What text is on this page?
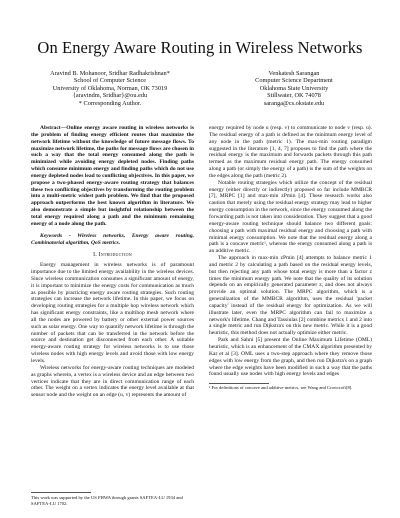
On Energy Aware Routing in Wireless Networks
Aravind B. Mohanoor, Sridhar Radhakrishnan*
School of Computer Science
University of Oklahoma, Norman, OK 73019
{aravindm, Sridhar}@ou.edu
* Corresponding Author.
Venkatesh Sarangan
Computer Science Department
Oklahoma State University
Stillwater, OK 74078
saranga@cs.okstate.edu

Abstract—Online energy aware routing in wireless networks is the problem of finding energy efficient routes that maximize the network lifetime without the knowledge of future message flows. To maximize network lifetime, the paths for message flows are chosen in such a way that the total energy consumed along the path is minimized while avoiding energy depleted nodes. Finding paths which consume minimum energy and finding paths which do not use energy depleted nodes lead to conflicting objectives. In this paper, we propose a two-phased energy-aware routing strategy that balances these two conflicting objectives by transforming the routing problem into a multi-metric widest path problem. We find that the proposed approach outperforms the best known algorithm in literature. We also demonstrate a simple but insightful relationship between the total energy required along a path and the minimum remaining energy of a node along the path.

Keywords - Wireless networks, Energy aware routing, Combinatorial algorithm, QoS metrics.

I. Introduction

Energy management in wireless networks is of paramount importance due to the limited energy availability in the wireless devices. Since wireless communication consumes a significant amount of energy, it is important to minimize the energy costs for communication as much as possible by practicing energy aware routing strategies. Such routing strategies can increase the network lifetime. In this paper, we focus on developing routing strategies for a multiple hop wireless network which has significant energy constraints, like a multihop mesh network where all the nodes are powered by battery or other external power sources such as solar energy. One way to quantify network lifetime is through the number of packets that can be transferred in the network before the source and destination get disconnected from each other. A suitable energy-aware routing strategy for wireless networks is to use those wireless nodes with high energy levels and avoid those with low energy levels.

Wireless networks for energy-aware routing techniques are modeled as graphs wherein, a vertex is a wireless device and an edge between two vertices indicate that they are in direct communication range of each other. The weight on a vertex indicates the energy level available at that sensor node and the weight on an edge (u, v) represents the amount of

energy required by node u (resp. v) to communicate to node v (resp. u). The residual energy of a path is defined as the minimum energy level of any node in the path (metric 1). The max-min routing paradigm suggested in the literature [1, 4, 7] proposes to find the path where the residual energy is the maximum and forwards packets through this path termed as the maximum residual energy path. The energy consumed along a path (or simply the energy of a path) is the sum of the weights on the edges along the path (metric 2).

Notable routing strategies which utilize the concept of the residual energy (either directly or indirectly) proposed so far include MMBCR [7], MRPC [1] and max-min zPmin [4]. These research works also caution that merely using the residual energy strategy may lead to higher energy consumption in the network, since the energy consumed along the forwarding path is not taken into consideration. They suggest that a good energy-aware routing technique should balance two different goals: choosing a path with maximal residual energy and choosing a path with minimal energy consumption. We note that the residual energy along a path is a concave metric¹, whereas the energy consumed along a path is an additive metric.

The approach in max-min zPmin [4] attempts to balance metric 1 and metric 2 by calculating a path based on the residual energy levels, but then rejecting any path whose total energy is more than a factor z times the minimum energy path. We note that the quality of its solution depends on an empirically generated parameter z, and does not always provide an optimal solution. The MRPC algorithm, which is a generalization of the MMBCR algorithm, uses the residual 'packet capacity' instead of the residual energy for optimization. As we will illustrate later, even the MRPC algorithm can fail to maximize a network's lifetime. Chang and Tassiulas [2] combine metrics 1 and 2 into a single metric and run Dijkstra's on this new metric. While it is a good heuristic, this method does not actually optimize either metric.

Park and Sahni [5] present the Online Maximum Lifetime (OML) heuristic, which is an enhancement of the CMAX algorithm presented by Kar et al [3]. OML uses a two-step approach where they remove those edges with low energy from the graph, and then run Dijkstra's on a graph where the edge weights have been modified in such a way that the paths found usually use nodes with high energy levels and edges

¹ For definitions of concave and additive metrics, see Wang and Crowcroft[8].

This work was supported by the US FHWA through grants SAFTEA-LU 1934 and SAFTEA-LU 1702.
